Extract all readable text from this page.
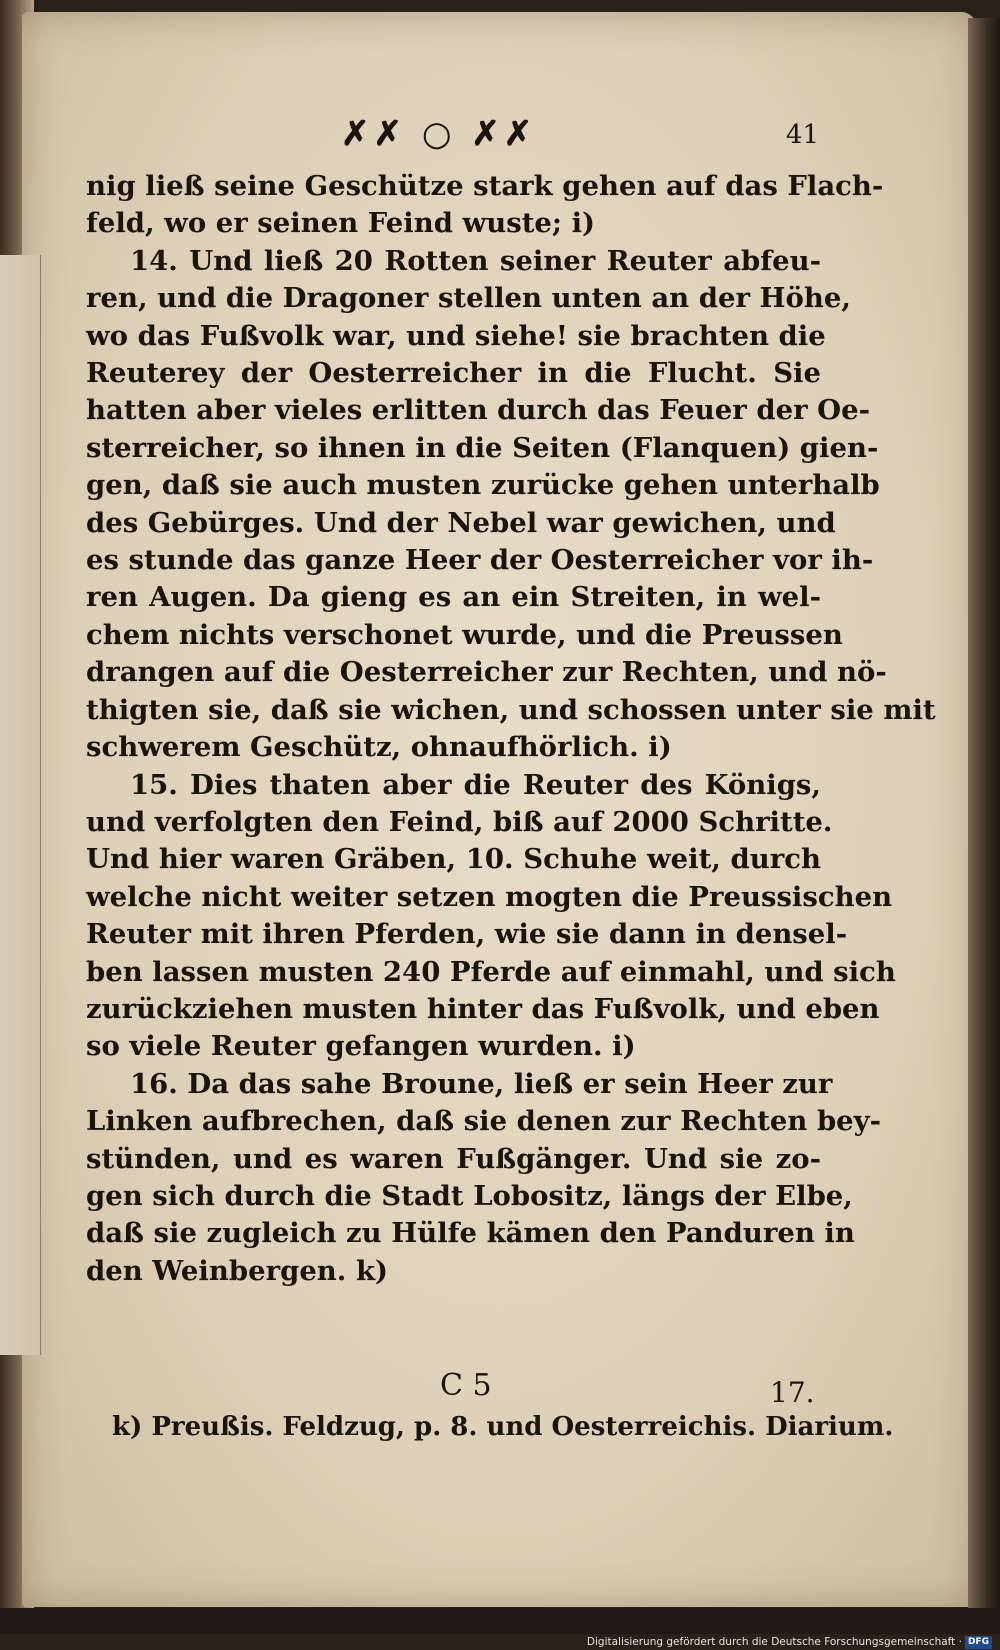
✗✗ ○ ✗✗	41
nig ließ seine Geschütze stark gehen auf das Flach-
feld, wo er seinen Feind wuste; i)
14. Und ließ 20 Rotten seiner Reuter abfeu-
ren, und die Dragoner stellen unten an der Höhe,
wo das Fußvolk war, und siehe! sie brachten die
Reuterey der Oesterreicher in die Flucht. Sie
hatten aber vieles erlitten durch das Feuer der Oe-
sterreicher, so ihnen in die Seiten (Flanquen) gien-
gen, daß sie auch musten zurücke gehen unterhalb
des Gebürges. Und der Nebel war gewichen, und
es stunde das ganze Heer der Oesterreicher vor ih-
ren Augen. Da gieng es an ein Streiten, in wel-
chem nichts verschonet wurde, und die Preussen
drangen auf die Oesterreicher zur Rechten, und nö-
thigten sie, daß sie wichen, und schossen unter sie mit
schwerem Geschütz, ohnaufhörlich. i)
15. Dies thaten aber die Reuter des Königs,
und verfolgten den Feind, biß auf 2000 Schritte.
Und hier waren Gräben, 10. Schuhe weit, durch
welche nicht weiter setzen mogten die Preussischen
Reuter mit ihren Pferden, wie sie dann in densel-
ben lassen musten 240 Pferde auf einmahl, und sich
zurückziehen musten hinter das Fußvolk, und eben
so viele Reuter gefangen wurden. i)
16. Da das sahe Broune, ließ er sein Heer zur
Linken aufbrechen, daß sie denen zur Rechten bey-
stünden, und es waren Fußgänger. Und sie zo-
gen sich durch die Stadt Lobositz, längs der Elbe,
daß sie zugleich zu Hülfe kämen den Panduren in
den Weinbergen. k)
C 5	17.
k) Preußis. Feldzug, p. 8. und Oesterreichis. Diarium.
Digitalisierung gefördert durch die Deutsche Forschungsgemeinschaft · DFG
